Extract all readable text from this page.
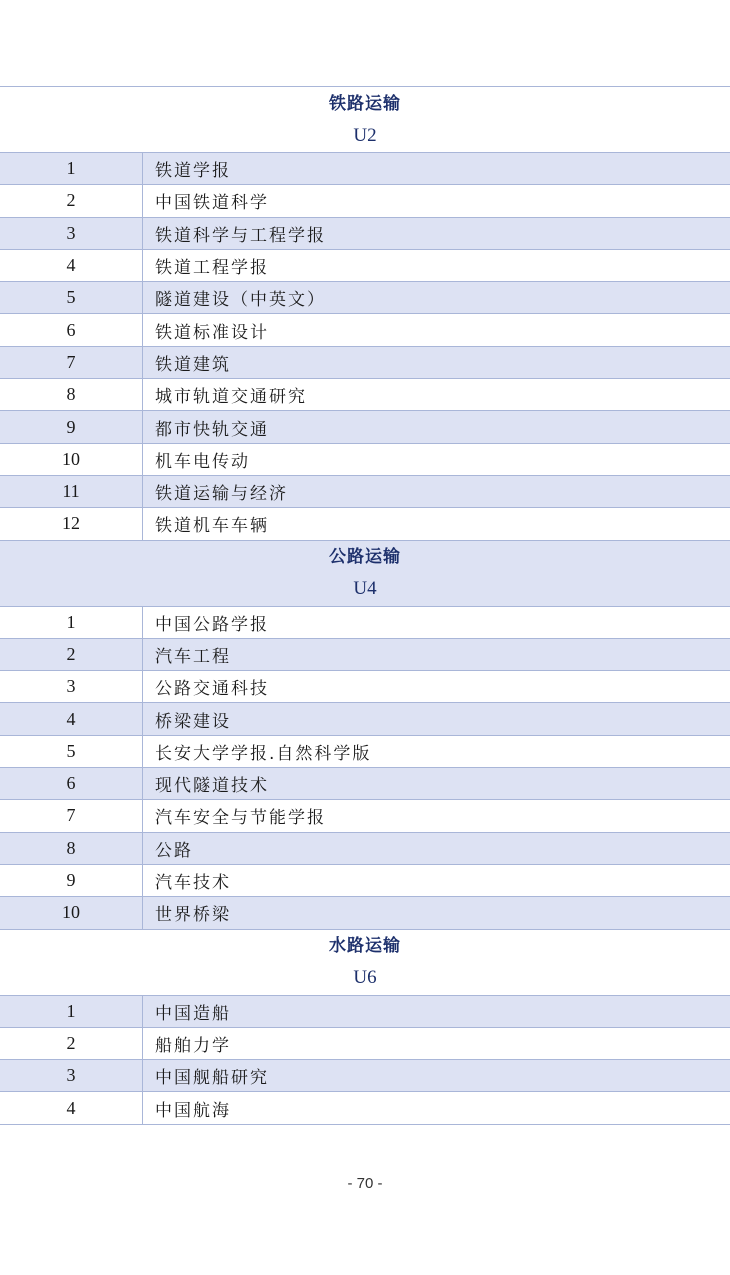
铁路运输
U2
1	铁道学报
2	中国铁道科学
3	铁道科学与工程学报
4	铁道工程学报
5	隧道建设（中英文）
6	铁道标准设计
7	铁道建筑
8	城市轨道交通研究
9	都市快轨交通
10	机车电传动
11	铁道运输与经济
12	铁道机车车辆
公路运输
U4
1	中国公路学报
2	汽车工程
3	公路交通科技
4	桥梁建设
5	长安大学学报.自然科学版
6	现代隧道技术
7	汽车安全与节能学报
8	公路
9	汽车技术
10	世界桥梁
水路运输
U6
1	中国造船
2	船舶力学
3	中国舰船研究
4	中国航海
- 70 -
